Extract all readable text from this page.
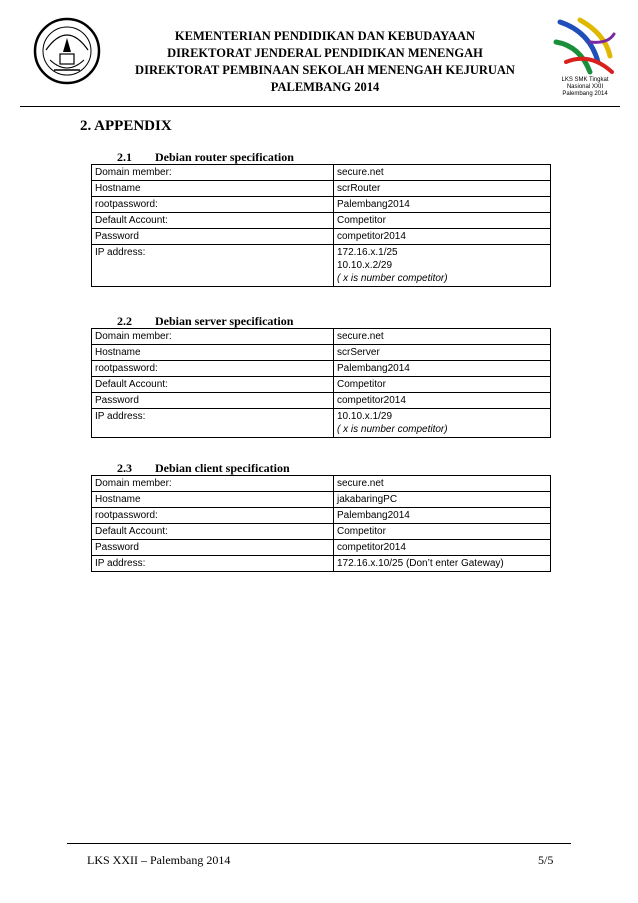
KEMENTERIAN PENDIDIKAN DAN KEBUDAYAAN
DIREKTORAT JENDERAL PENDIDIKAN MENENGAH
DIREKTORAT PEMBINAAN SEKOLAH MENENGAH KEJURUAN
PALEMBANG 2014	LKS SMK Tingkat Nasional XXII
Palembang 2014
2. APPENDIX
2.1 Debian router specification
Domain member:	secure.net
Hostname	scrRouter
rootpassword:	Palembang2014
Default Account:	Competitor
Password	competitor2014
IP address:	172.16.x.1/25
10.10.x.2/29
( x is number competitor)
2.2 Debian server specification
Domain member:	secure.net
Hostname	scrServer
rootpassword:	Palembang2014
Default Account:	Competitor
Password	competitor2014
IP address:	10.10.x.1/29
( x is number competitor)
2.3 Debian client specification
Domain member:	secure.net
Hostname	jakabaringPC
rootpassword:	Palembang2014
Default Account:	Competitor
Password	competitor2014
IP address:	172.16.x.10/25 (Don’t enter Gateway)
LKS XXII – Palembang 2014	5/5
